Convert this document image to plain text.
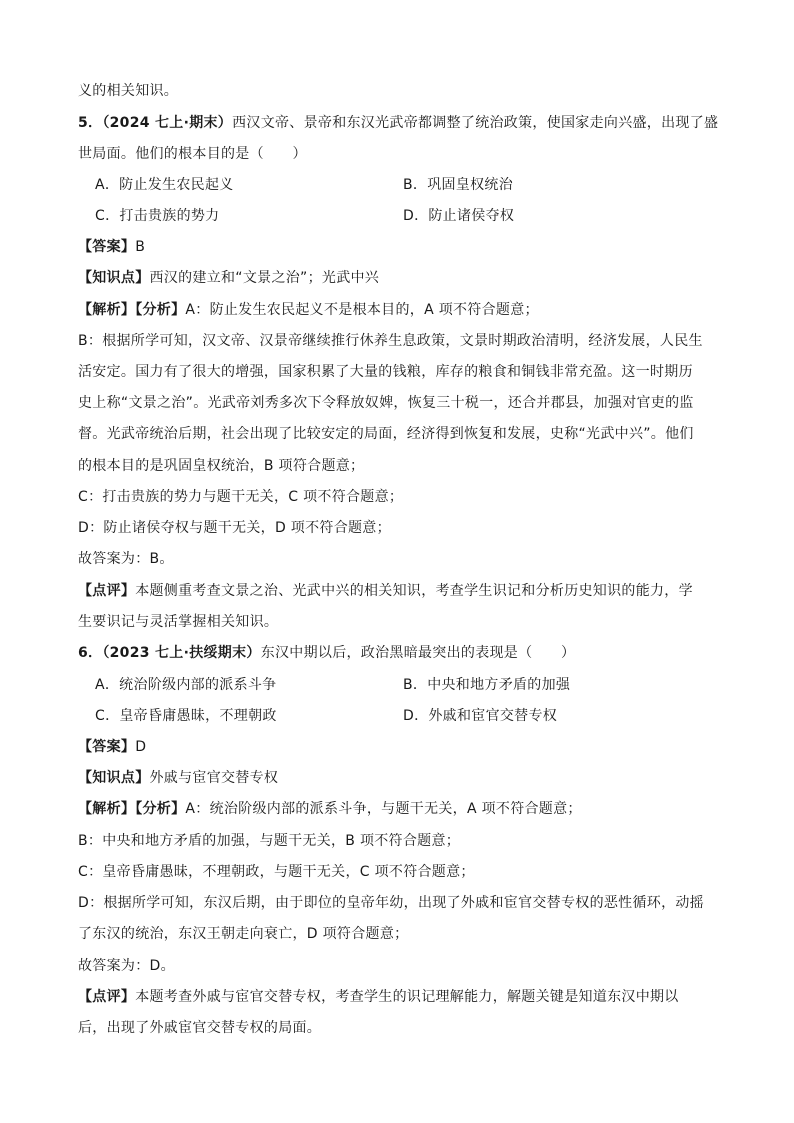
义的相关知识。
5．（2024 七上·期末）西汉文帝、景帝和东汉光武帝都调整了统治政策，使国家走向兴盛，出现了盛
世局面。他们的根本目的是（　　）
【答案】B
【知识点】西汉的建立和“文景之治”；光武中兴
【解析】【分析】A：防止发生农民起义不是根本目的，A 项不符合题意；
B：根据所学可知，汉文帝、汉景帝继续推行休养生息政策，文景时期政治清明，经济发展，人民生
活安定。国力有了很大的增强，国家积累了大量的钱粮，库存的粮食和铜钱非常充盈。这一时期历
史上称“文景之治”。光武帝刘秀多次下令释放奴婢，恢复三十税一，还合并郡县，加强对官吏的监
督。光武帝统治后期，社会出现了比较安定的局面，经济得到恢复和发展，史称“光武中兴”。他们
的根本目的是巩固皇权统治，B 项符合题意；
C：打击贵族的势力与题干无关，C 项不符合题意；
D：防止诸侯夺权与题干无关，D 项不符合题意；
故答案为：B。
【点评】本题侧重考查文景之治、光武中兴的相关知识，考查学生识记和分析历史知识的能力，学
生要识记与灵活掌握相关知识。
6．（2023 七上·扶绥期末）东汉中期以后，政治黑暗最突出的表现是（　　）
【答案】D
【知识点】外戚与宦官交替专权
【解析】【分析】A：统治阶级内部的派系斗争，与题干无关，A 项不符合题意；
B：中央和地方矛盾的加强，与题干无关，B 项不符合题意；
C：皇帝昏庸愚昧，不理朝政，与题干无关，C 项不符合题意；
D：根据所学可知，东汉后期，由于即位的皇帝年幼，出现了外戚和宦官交替专权的恶性循环，动摇
了东汉的统治，东汉王朝走向衰亡，D 项符合题意；
故答案为：D。
【点评】本题考查外戚与宦官交替专权，考查学生的识记理解能力，解题关键是知道东汉中期以
后，出现了外戚宦官交替专权的局面。
A．防止发生农民起义	B．巩固皇权统治
C．打击贵族的势力	D．防止诸侯夺权
A．统治阶级内部的派系斗争	B．中央和地方矛盾的加强
C．皇帝昏庸愚昧，不理朝政	D．外戚和宦官交替专权
